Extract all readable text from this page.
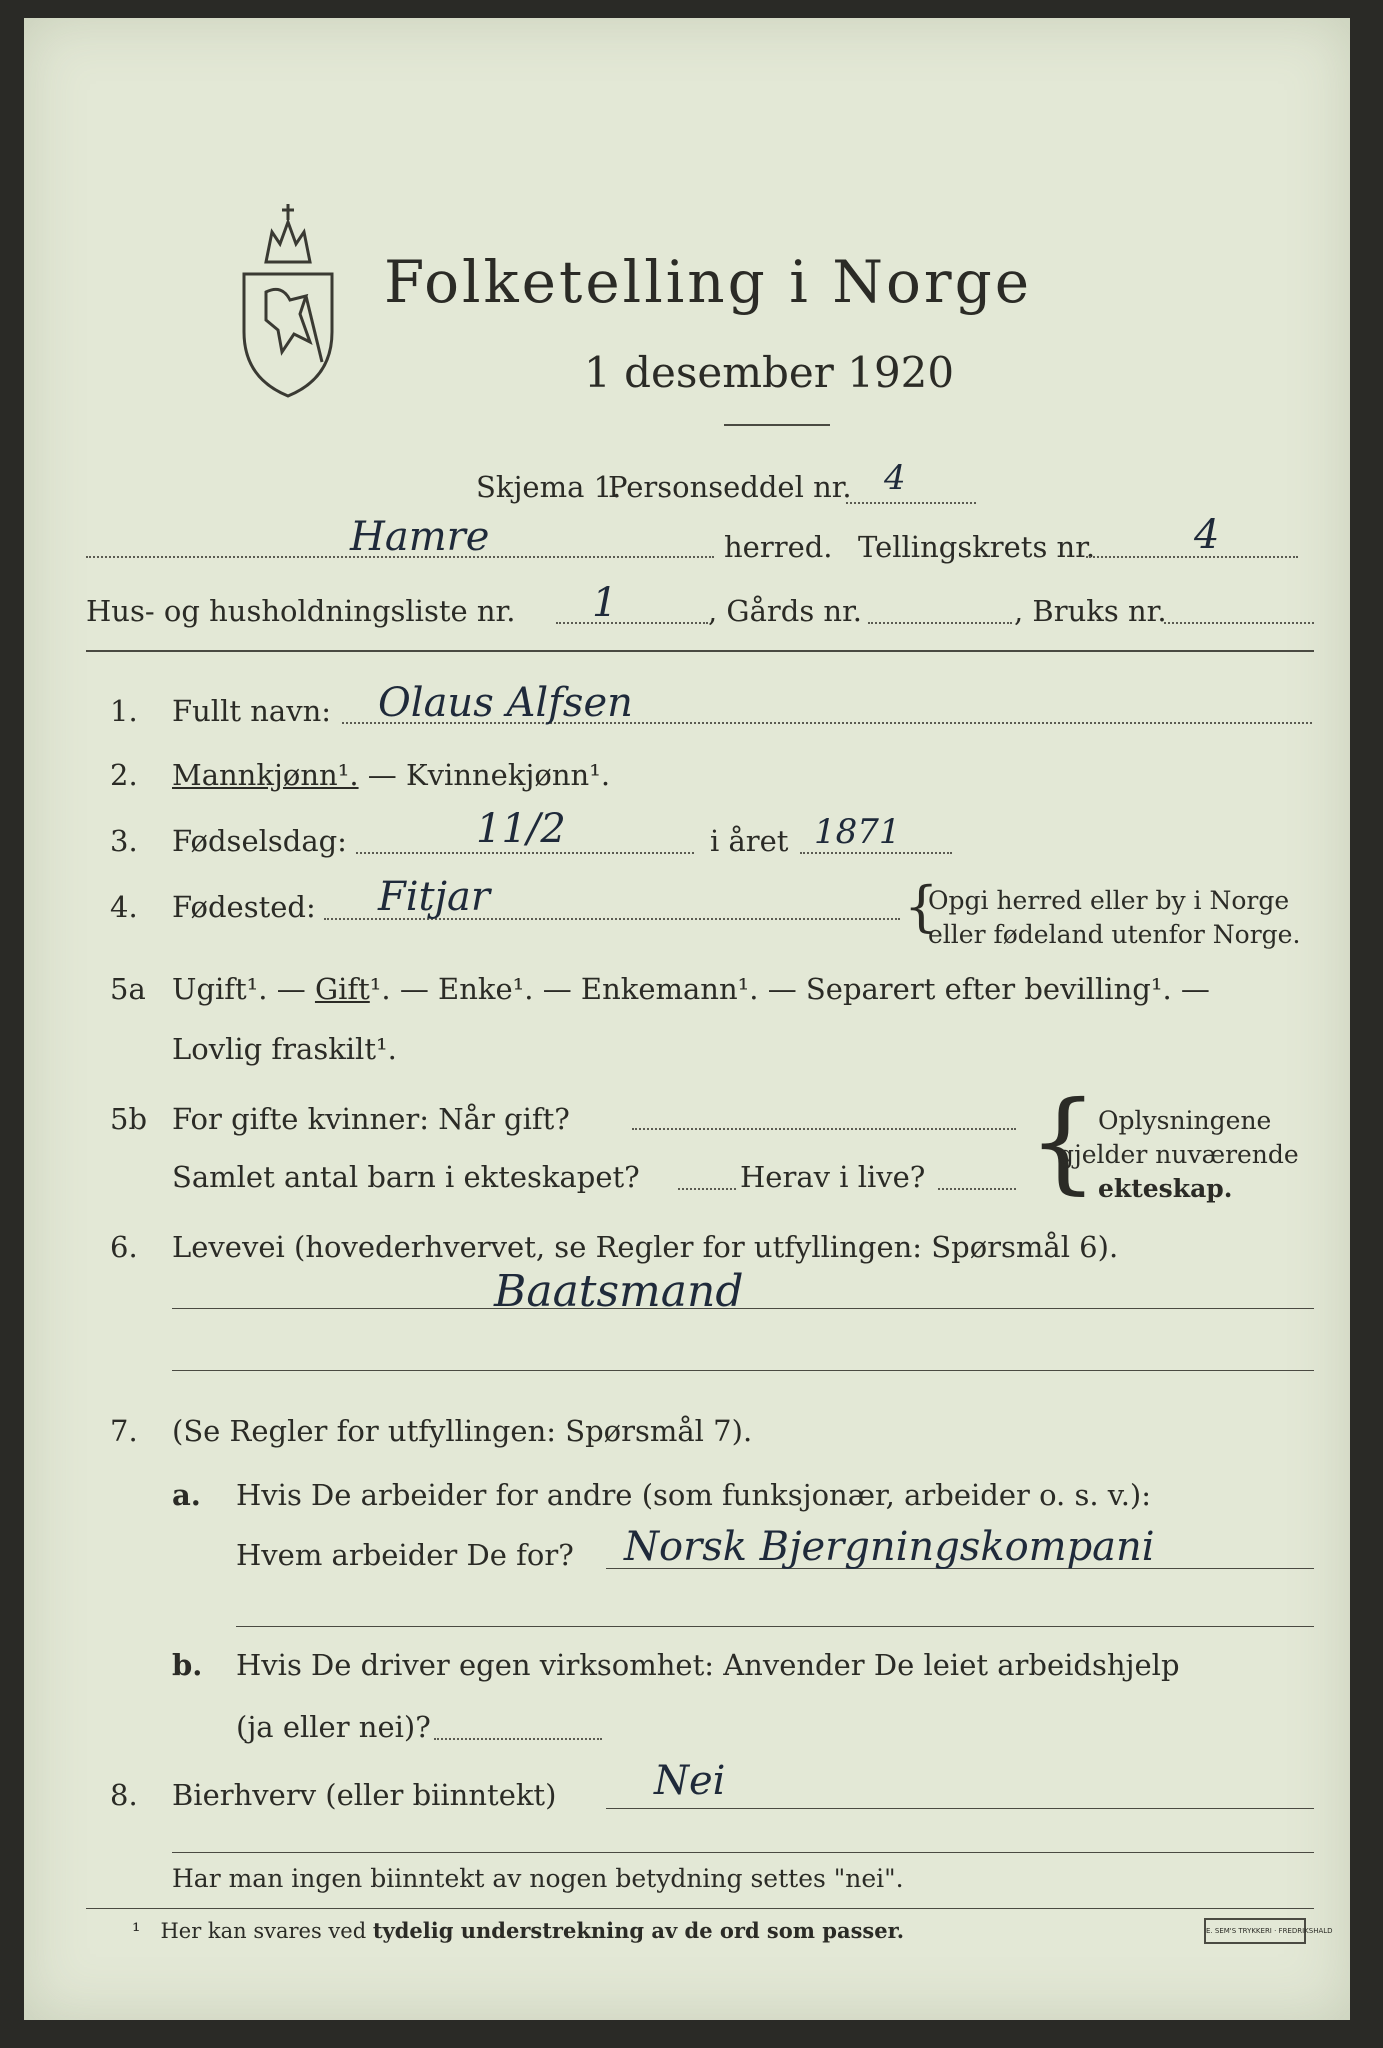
Folketelling i Norge
1 desember 1920
Skjema 1.
Personseddel nr. 4
Hamre	herred. Tellingskrets nr. 4
Hus- og husholdningsliste nr. 1	, Gårds nr.	, Bruks nr.
1. Fullt navn: Olaus Alfsen
2. Mannkjønn¹. — Kvinnekjønn¹.
3. Fødselsdag:	11/2	i året 1871
4. Fødested: Fitjar	{
Opgi herred eller by i Norge
eller fødeland utenfor Norge.
5a Ugift¹. — Gift¹. — Enke¹. — Enkemann¹. — Separert efter bevilling¹. —
Lovlig fraskilt¹.
5b For gifte kvinner: Når gift?
Samlet antal barn i ekteskapet?	Herav i live? { Oplysningene
gjelder nuværende
ekteskap.
6. Levevei (hovederhvervet, se Regler for utfyllingen: Spørsmål 6).
Baatsmand
7. (Se Regler for utfyllingen: Spørsmål 7).
a. Hvis De arbeider for andre (som funksjonær, arbeider o. s. v.):
Hvem arbeider De for? Norsk Bjergningskompani
b. Hvis De driver egen virksomhet: Anvender De leiet arbeidshjelp
(ja eller nei)?
8. Bierhverv (eller biinntekt) Nei
Har man ingen biinntekt av nogen betydning settes "nei".
¹ Her kan svares ved tydelig understrekning av de ord som passer.	E. SEM'S TRYKKERI · FREDRIKSHALD
